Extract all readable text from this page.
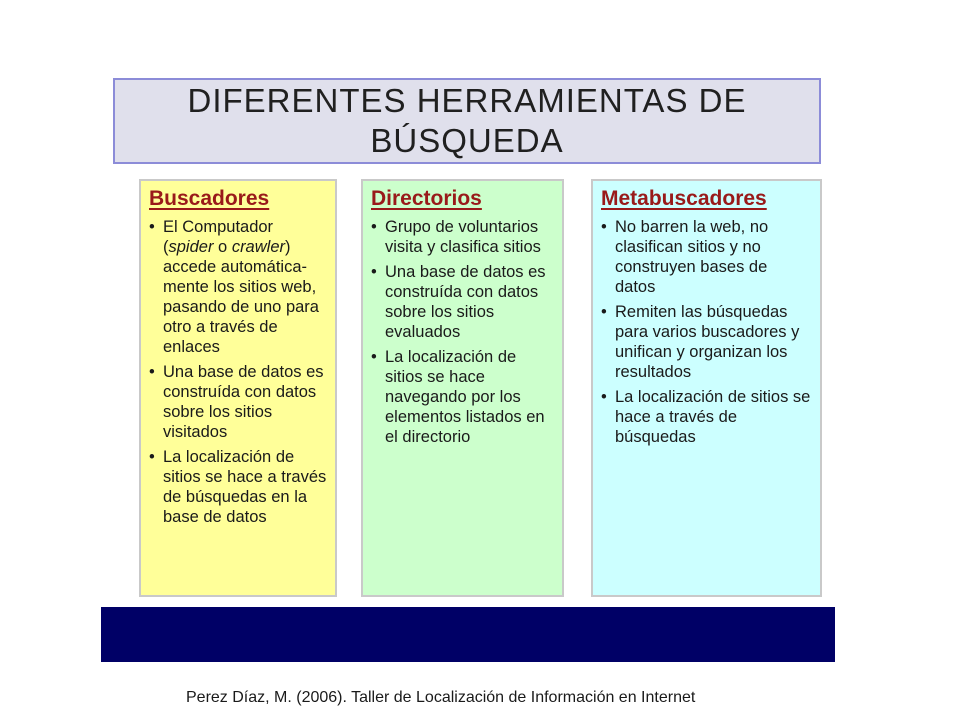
DIFERENTES HERRAMIENTAS DE BÚSQUEDA
Buscadores
• El Computador (spider o crawler) accede automática-mente los sitios web, pasando de uno para otro a través de enlaces
• Una base de datos es construída con datos sobre los sitios visitados
• La localización de sitios se hace a través de búsquedas en la base de datos
Directorios
• Grupo de voluntarios visita y clasifica sitios
• Una base de datos es construída con datos sobre los sitios evaluados
• La localización de sitios se hace navegando por los elementos listados en el directorio
Metabuscadores
• No barren la web, no clasifican sitios y no construyen bases de datos
• Remiten las búsquedas para varios buscadores y unifican y organizan los resultados
• La localización de sitios se hace a través de búsquedas
Perez Díaz, M. (2006). Taller de Localización de Información en Internet
